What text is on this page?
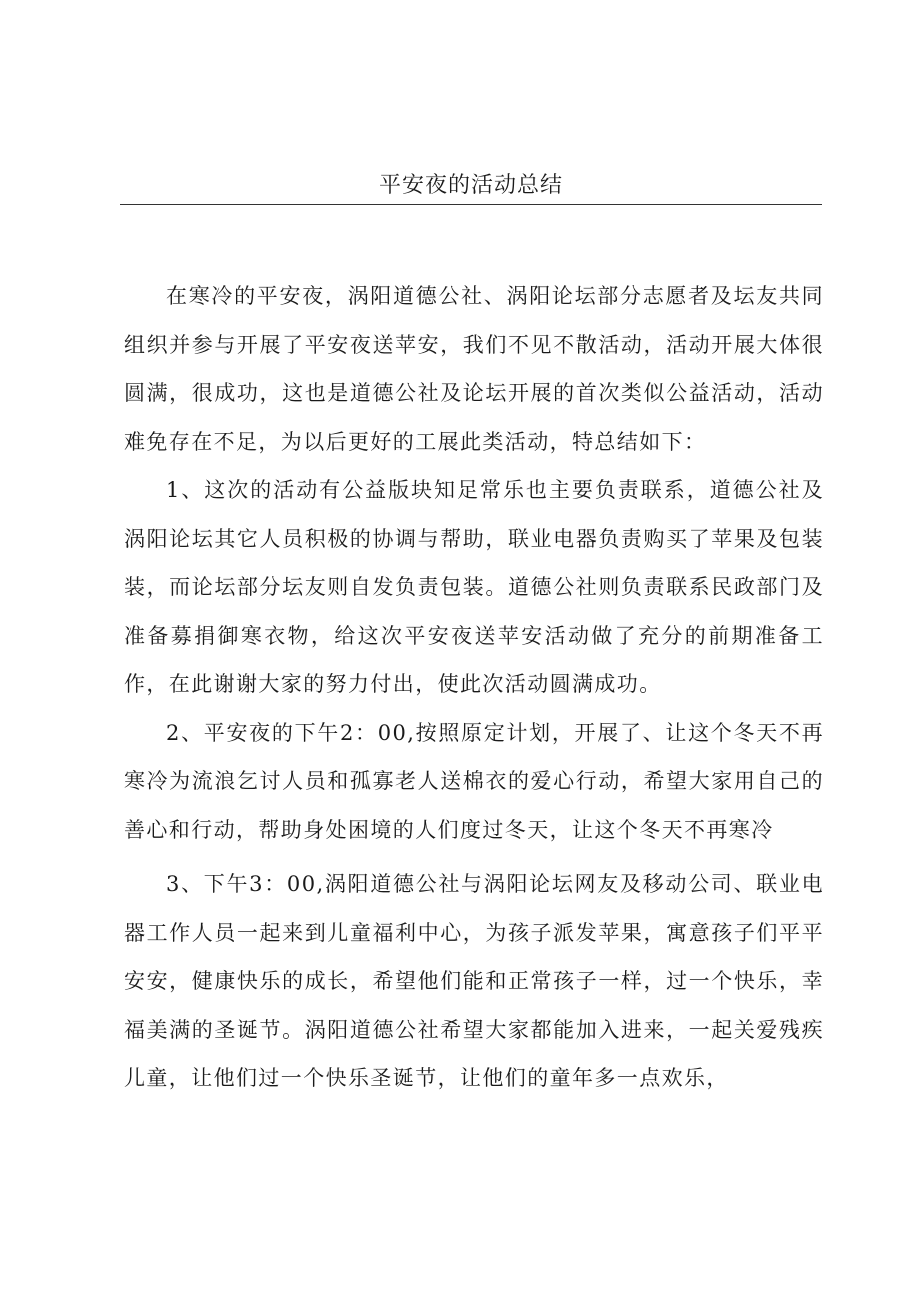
平安夜的活动总结

在寒冷的平安夜，涡阳道德公社、涡阳论坛部分志愿者及坛友共同组织并参与开展了平安夜送苹安，我们不见不散活动，活动开展大体很圆满，很成功，这也是道德公社及论坛开展的首次类似公益活动，活动难免存在不足，为以后更好的工展此类活动，特总结如下：

1、这次的活动有公益版块知足常乐也主要负责联系，道德公社及涡阳论坛其它人员积极的协调与帮助，联业电器负责购买了苹果及包装装，而论坛部分坛友则自发负责包装。道德公社则负责联系民政部门及准备募捐御寒衣物，给这次平安夜送苹安活动做了充分的前期准备工作，在此谢谢大家的努力付出，使此次活动圆满成功。

2、平安夜的下午2：00,按照原定计划，开展了、让这个冬天不再寒冷为流浪乞讨人员和孤寡老人送棉衣的爱心行动，希望大家用自己的善心和行动，帮助身处困境的人们度过冬天，让这个冬天不再寒冷

3、下午3：00,涡阳道德公社与涡阳论坛网友及移动公司、联业电器工作人员一起来到儿童福利中心，为孩子派发苹果，寓意孩子们平平安安，健康快乐的成长，希望他们能和正常孩子一样，过一个快乐，幸福美满的圣诞节。涡阳道德公社希望大家都能加入进来，一起关爱残疾儿童，让他们过一个快乐圣诞节，让他们的童年多一点欢乐，
